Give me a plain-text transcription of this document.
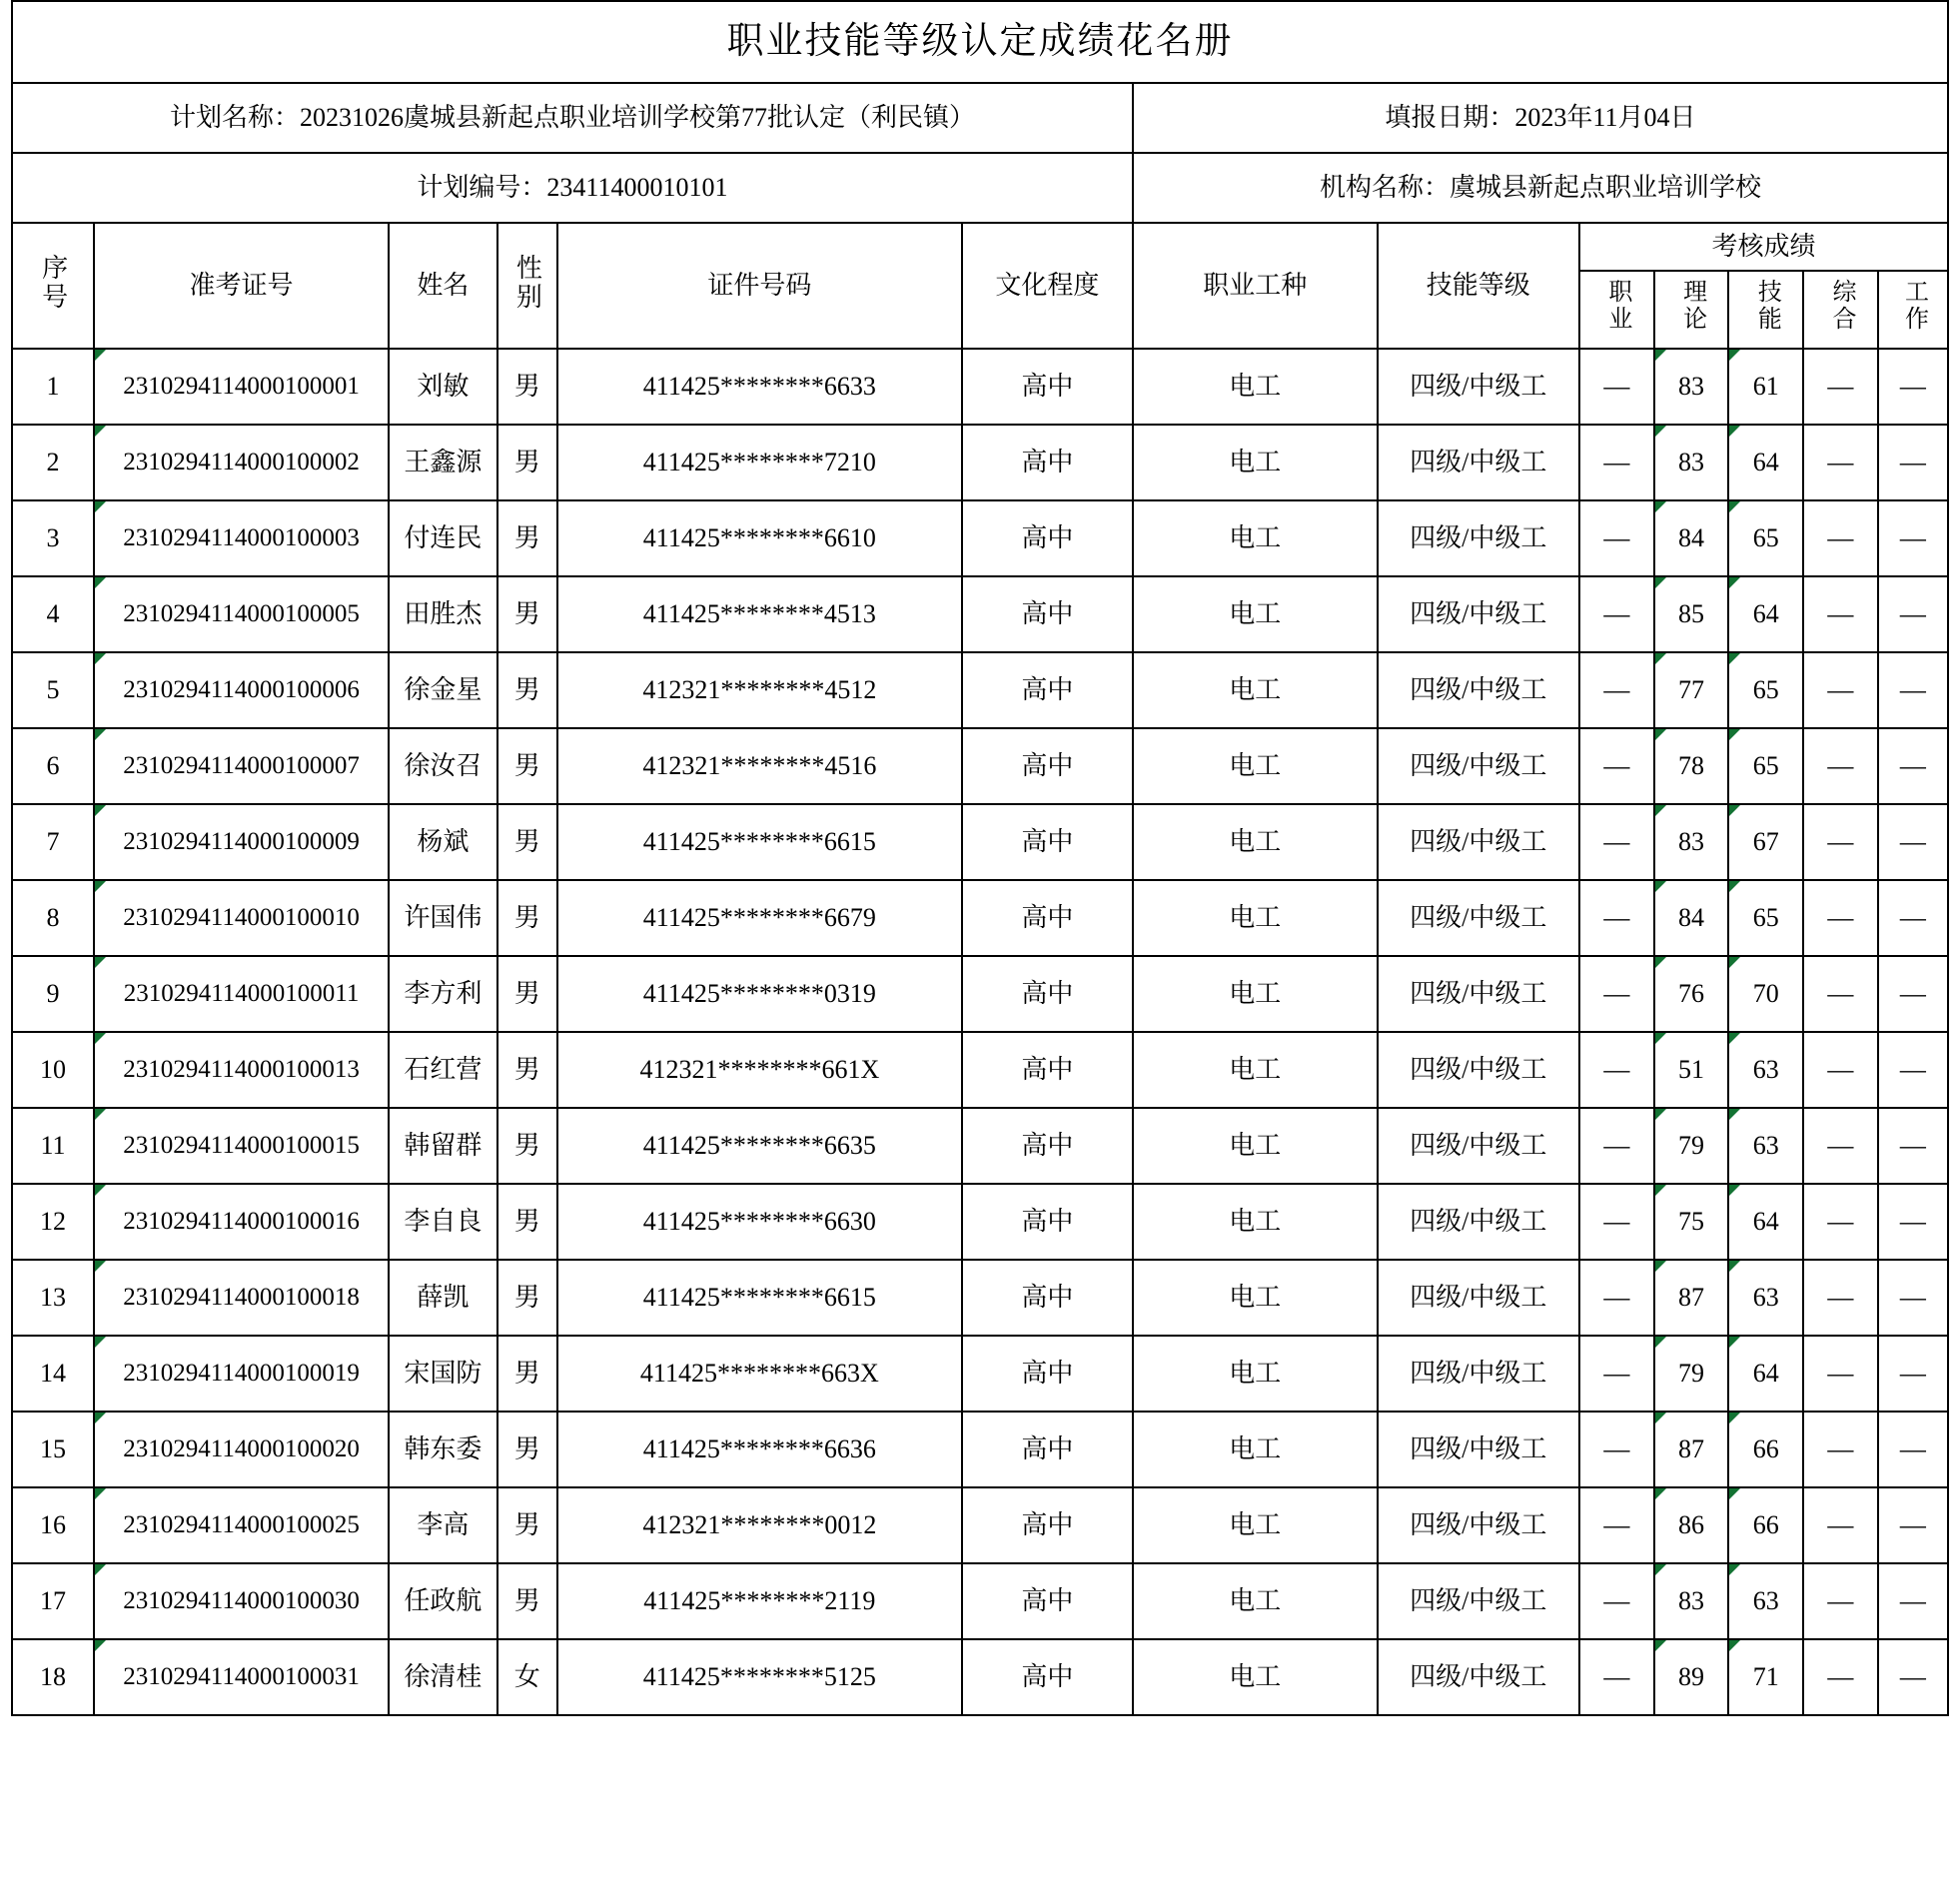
职业技能等级认定成绩花名册												
计划名称：20231026虞城县新起点职业培训学校第77批认定（利民镇）						填报日期：2023年11月04日						
计划编号：23411400010101						机构名称：虞城县新起点职业培训学校						
序号	准考证号	姓名	性别	证件号码	文化程度	职业工种	技能等级	考核成绩				
								职业	理论	技能	综合	工作
1	2310294114000100001	刘敏	男	411425********6633	高中	电工	四级/中级工	—	83	61	—	—
2	2310294114000100002	王鑫源	男	411425********7210	高中	电工	四级/中级工	—	83	64	—	—
3	2310294114000100003	付连民	男	411425********6610	高中	电工	四级/中级工	—	84	65	—	—
4	2310294114000100005	田胜杰	男	411425********4513	高中	电工	四级/中级工	—	85	64	—	—
5	2310294114000100006	徐金星	男	412321********4512	高中	电工	四级/中级工	—	77	65	—	—
6	2310294114000100007	徐汝召	男	412321********4516	高中	电工	四级/中级工	—	78	65	—	—
7	2310294114000100009	杨斌	男	411425********6615	高中	电工	四级/中级工	—	83	67	—	—
8	2310294114000100010	许国伟	男	411425********6679	高中	电工	四级/中级工	—	84	65	—	—
9	2310294114000100011	李方利	男	411425********0319	高中	电工	四级/中级工	—	76	70	—	—
10	2310294114000100013	石红营	男	412321********661X	高中	电工	四级/中级工	—	51	63	—	—
11	2310294114000100015	韩留群	男	411425********6635	高中	电工	四级/中级工	—	79	63	—	—
12	2310294114000100016	李自良	男	411425********6630	高中	电工	四级/中级工	—	75	64	—	—
13	2310294114000100018	薛凯	男	411425********6615	高中	电工	四级/中级工	—	87	63	—	—
14	2310294114000100019	宋国防	男	411425********663X	高中	电工	四级/中级工	—	79	64	—	—
15	2310294114000100020	韩东委	男	411425********6636	高中	电工	四级/中级工	—	87	66	—	—
16	2310294114000100025	李高	男	412321********0012	高中	电工	四级/中级工	—	86	66	—	—
17	2310294114000100030	任政航	男	411425********2119	高中	电工	四级/中级工	—	83	63	—	—
18	2310294114000100031	徐清桂	女	411425********5125	高中	电工	四级/中级工	—	89	71	—	—
